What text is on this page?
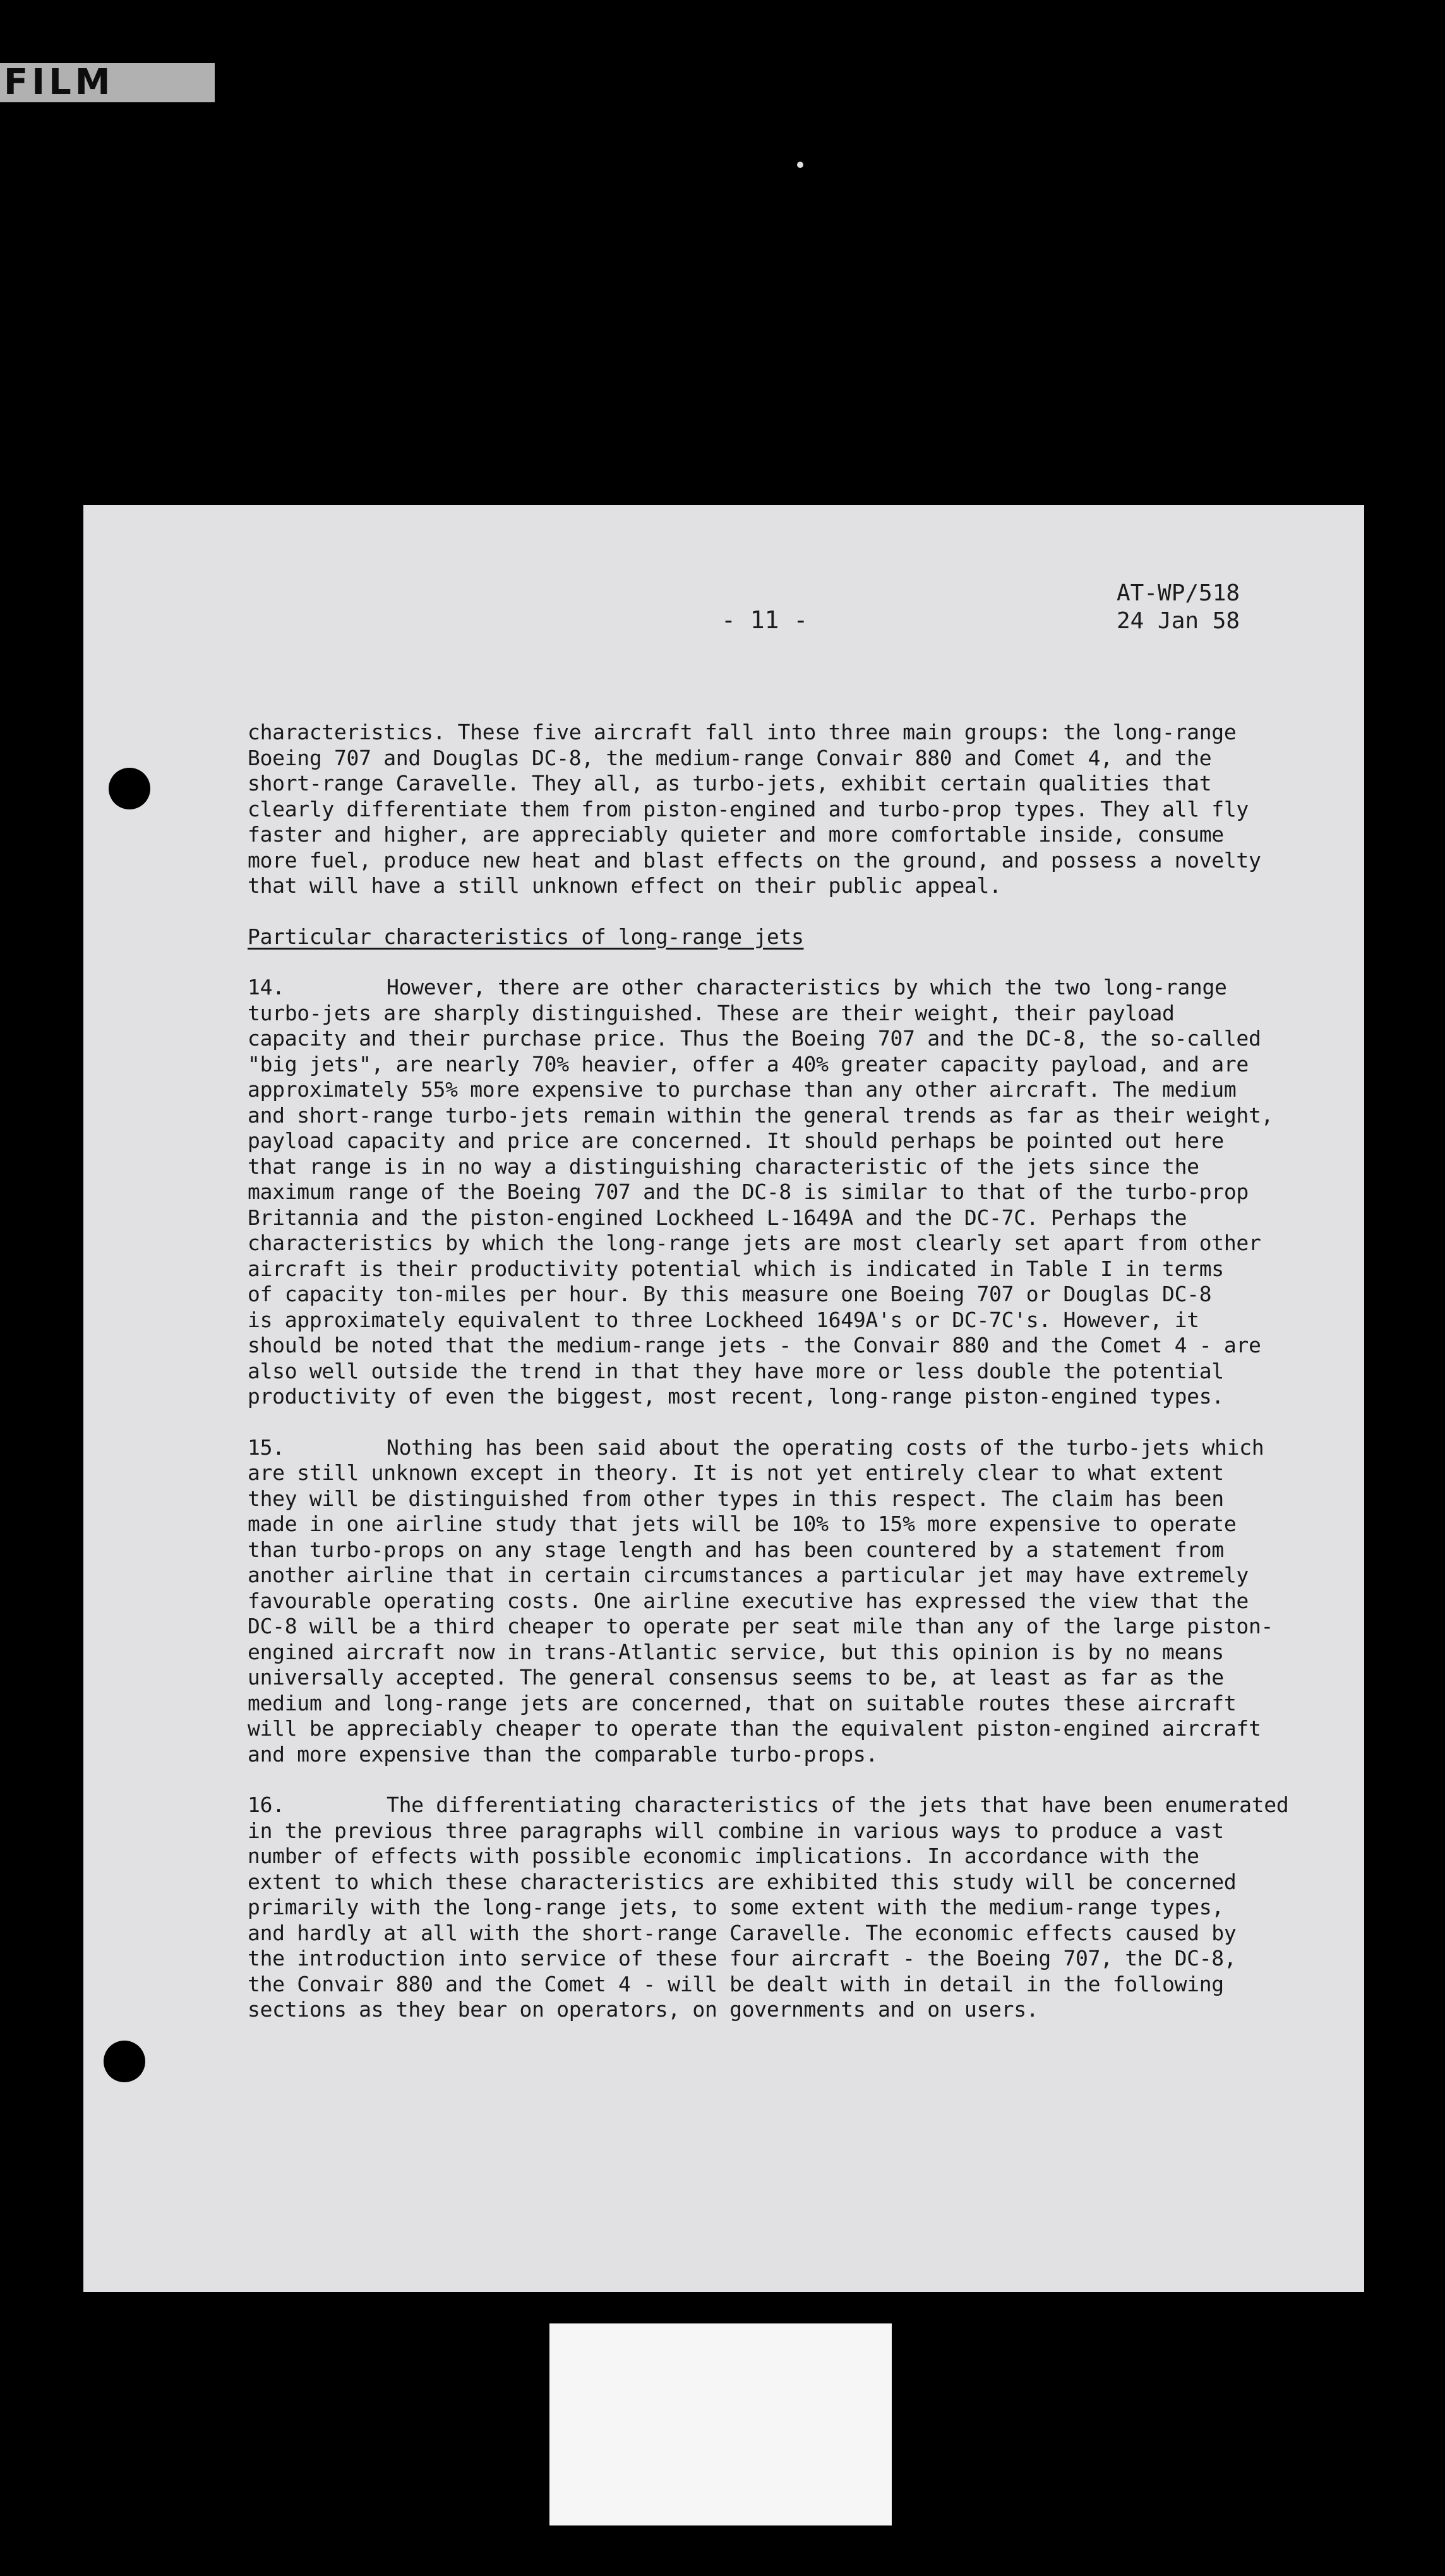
FILM
- 11 -
AT-WP/518
24 Jan 58
characteristics. These five aircraft fall into three main groups: the long-range
Boeing 707 and Douglas DC-8, the medium-range Convair 880 and Comet 4, and the
short-range Caravelle. They all, as turbo-jets, exhibit certain qualities that
clearly differentiate them from piston-engined and turbo-prop types. They all fly
faster and higher, are appreciably quieter and more comfortable inside, consume
more fuel, produce new heat and blast effects on the ground, and possess a novelty
that will have a still unknown effect on their public appeal.
Particular characteristics of long-range jets
14.	However, there are other characteristics by which the two long-range
turbo-jets are sharply distinguished. These are their weight, their payload
capacity and their purchase price. Thus the Boeing 707 and the DC-8, the so-called
"big jets", are nearly 70% heavier, offer a 40% greater capacity payload, and are
approximately 55% more expensive to purchase than any other aircraft. The medium
and short-range turbo-jets remain within the general trends as far as their weight,
payload capacity and price are concerned. It should perhaps be pointed out here
that range is in no way a distinguishing characteristic of the jets since the
maximum range of the Boeing 707 and the DC-8 is similar to that of the turbo-prop
Britannia and the piston-engined Lockheed L-1649A and the DC-7C. Perhaps the
characteristics by which the long-range jets are most clearly set apart from other
aircraft is their productivity potential which is indicated in Table I in terms
of capacity ton-miles per hour. By this measure one Boeing 707 or Douglas DC-8
is approximately equivalent to three Lockheed 1649A's or DC-7C's. However, it
should be noted that the medium-range jets - the Convair 880 and the Comet 4 - are
also well outside the trend in that they have more or less double the potential
productivity of even the biggest, most recent, long-range piston-engined types.
15.	Nothing has been said about the operating costs of the turbo-jets which
are still unknown except in theory. It is not yet entirely clear to what extent
they will be distinguished from other types in this respect. The claim has been
made in one airline study that jets will be 10% to 15% more expensive to operate
than turbo-props on any stage length and has been countered by a statement from
another airline that in certain circumstances a particular jet may have extremely
favourable operating costs. One airline executive has expressed the view that the
DC-8 will be a third cheaper to operate per seat mile than any of the large piston-
engined aircraft now in trans-Atlantic service, but this opinion is by no means
universally accepted. The general consensus seems to be, at least as far as the
medium and long-range jets are concerned, that on suitable routes these aircraft
will be appreciably cheaper to operate than the equivalent piston-engined aircraft
and more expensive than the comparable turbo-props.
16.	The differentiating characteristics of the jets that have been enumerated
in the previous three paragraphs will combine in various ways to produce a vast
number of effects with possible economic implications. In accordance with the
extent to which these characteristics are exhibited this study will be concerned
primarily with the long-range jets, to some extent with the medium-range types,
and hardly at all with the short-range Caravelle. The economic effects caused by
the introduction into service of these four aircraft - the Boeing 707, the DC-8,
the Convair 880 and the Comet 4 - will be dealt with in detail in the following
sections as they bear on operators, on governments and on users.
